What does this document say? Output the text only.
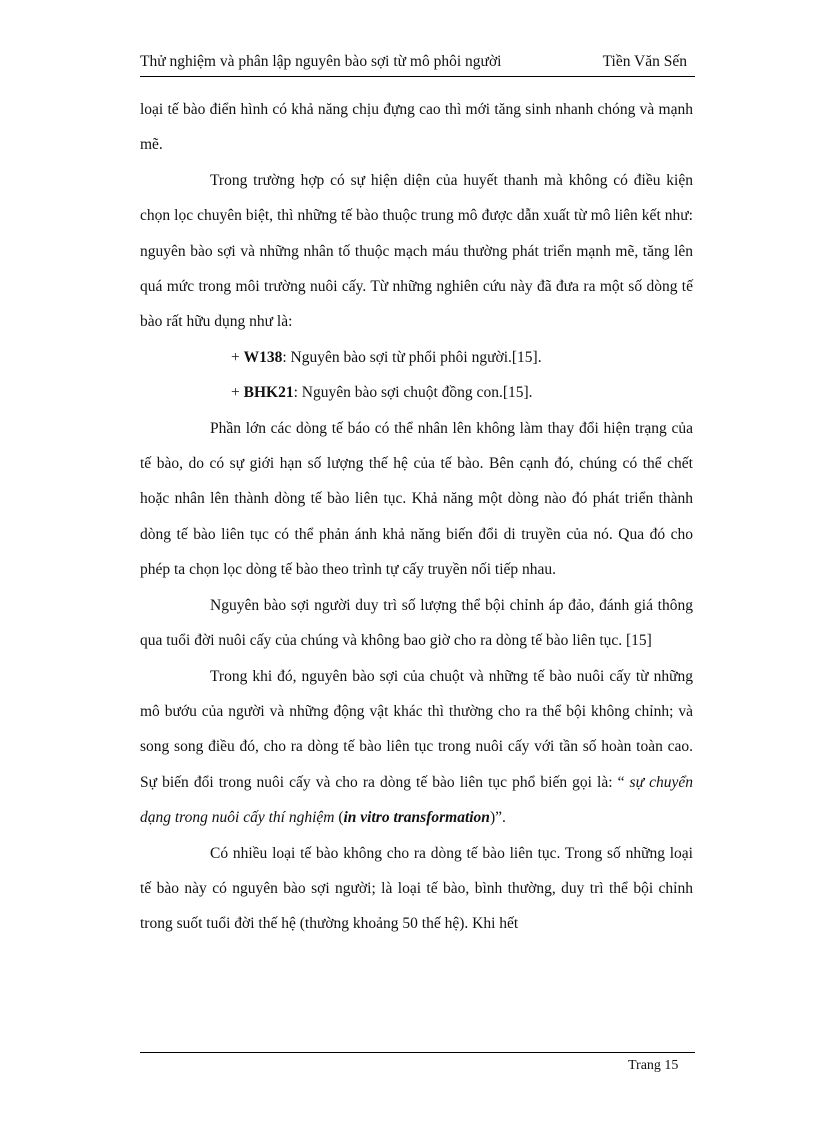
Thử nghiệm và phân lập nguyên bào sợi từ mô phôi người	Tiền Văn Sến

loại tế bào điển hình có khả năng chịu đựng cao thì mới tăng sinh nhanh chóng và mạnh mẽ.

Trong trường hợp có sự hiện diện của huyết thanh mà không có điều kiện chọn lọc chuyên biệt, thì những tế bào thuộc trung mô được dẫn xuất từ mô liên kết như: nguyên bào sợi và những nhân tố thuộc mạch máu thường phát triển mạnh mẽ, tăng lên quá mức trong môi trường nuôi cấy. Từ những nghiên cứu này đã đưa ra một số dòng tế bào rất hữu dụng như là:

+ W138: Nguyên bào sợi từ phổi phôi người.[15].

+ BHK21: Nguyên bào sợi chuột đồng con.[15].

Phần lớn các dòng tế báo có thể nhân lên không làm thay đổi hiện trạng của tế bào, do có sự giới hạn số lượng thế hệ của tế bào. Bên cạnh đó, chúng có thể chết hoặc nhân lên thành dòng tế bào liên tục. Khả năng một dòng nào đó phát triển thành dòng tế bào liên tục có thể phản ánh khả năng biến đổi di truyền của nó. Qua đó cho phép ta chọn lọc dòng tế bào theo trình tự cấy truyền nối tiếp nhau.

Nguyên bào sợi người duy trì số lượng thể bội chỉnh áp đảo, đánh giá thông qua tuổi đời nuôi cấy của chúng và không bao giờ cho ra dòng tế bào liên tục. [15]

Trong khi đó, nguyên bào sợi của chuột và những tế bào nuôi cấy từ những mô bướu của người và những động vật khác thì thường cho ra thể bội không chỉnh; và song song điều đó, cho ra dòng tế bào liên tục trong nuôi cấy với tần số hoàn toàn cao. Sự biến đổi trong nuôi cấy và cho ra dòng tế bào liên tục phổ biến gọi là: “ sự chuyển dạng trong nuôi cấy thí nghiệm (in vitro transformation)”.

Có nhiều loại tế bào không cho ra dòng tế bào liên tục. Trong số những loại tế bào này có nguyên bào sợi người; là loại tế bào, bình thường, duy trì thể bội chỉnh trong suốt tuổi đời thế hệ (thường khoảng 50 thế hệ). Khi hết

Trang 15
